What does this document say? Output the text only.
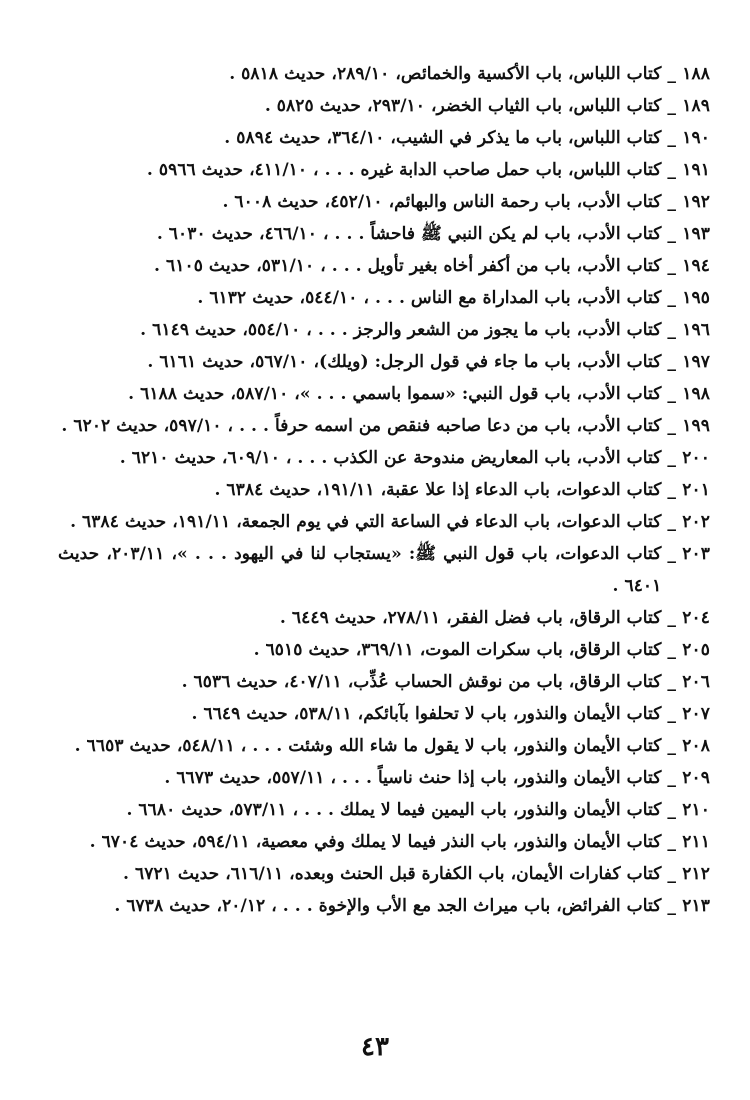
١٨٨
_
كتاب اللباس، باب الأكسية والخمائص، ٢٨٩/١٠، حديث ٥٨١٨ .
١٨٩
_
كتاب اللباس، باب الثياب الخضر، ٢٩٣/١٠، حديث ٥٨٢٥ .
١٩٠
_
كتاب اللباس، باب ما يذكر في الشيب، ٣٦٤/١٠، حديث ٥٨٩٤ .
١٩١
_
كتاب اللباس، باب حمل صاحب الدابة غيره . . . ، ٤١١/١٠، حديث ٥٩٦٦ .
١٩٢
_
كتاب الأدب، باب رحمة الناس والبهائم، ٤٥٢/١٠، حديث ٦٠٠٨ .
١٩٣
_
كتاب الأدب، باب لم يكن النبي ﷺ فاحشاً . . . ، ٤٦٦/١٠، حديث ٦٠٣٠ .
١٩٤
_
كتاب الأدب، باب من أكفر أخاه بغير تأويل . . . ، ٥٣١/١٠، حديث ٦١٠٥ .
١٩٥
_
كتاب الأدب، باب المداراة مع الناس . . . ، ٥٤٤/١٠، حديث ٦١٣٢ .
١٩٦
_
كتاب الأدب، باب ما يجوز من الشعر والرجز . . . ، ٥٥٤/١٠، حديث ٦١٤٩ .
١٩٧
_
كتاب الأدب، باب ما جاء في قول الرجل: (ويلك)، ٥٦٧/١٠، حديث ٦١٦١ .
١٩٨
_
كتاب الأدب، باب قول النبي: «سموا باسمي . . . »، ٥٨٧/١٠، حديث ٦١٨٨ .
١٩٩
_
كتاب الأدب، باب من دعا صاحبه فنقص من اسمه حرفاً . . . ، ٥٩٧/١٠، حديث ٦٢٠٢ .
٢٠٠
_
كتاب الأدب، باب المعاريض مندوحة عن الكذب . . . ، ٦٠٩/١٠، حديث ٦٢١٠ .
٢٠١
_
كتاب الدعوات، باب الدعاء إذا علا عقبة، ١٩١/١١، حديث ٦٣٨٤ .
٢٠٢
_
كتاب الدعوات، باب الدعاء في الساعة التي في يوم الجمعة، ١٩١/١١، حديث ٦٣٨٤ .
٢٠٣
_
كتاب الدعوات، باب قول النبي ﷺ: «يستجاب لنا في اليهود . . . »، ٢٠٣/١١، حديث ٦٤٠١ .
٢٠٤
_
كتاب الرقاق، باب فضل الفقر، ٢٧٨/١١، حديث ٦٤٤٩ .
٢٠٥
_
كتاب الرقاق، باب سكرات الموت، ٣٦٩/١١، حديث ٦٥١٥ .
٢٠٦
_
كتاب الرقاق، باب من نوقش الحساب عُذِّب، ٤٠٧/١١، حديث ٦٥٣٦ .
٢٠٧
_
كتاب الأيمان والنذور، باب لا تحلفوا بآبائكم، ٥٣٨/١١، حديث ٦٦٤٩ .
٢٠٨
_
كتاب الأيمان والنذور، باب لا يقول ما شاء الله وشئت . . . ، ٥٤٨/١١، حديث ٦٦٥٣ .
٢٠٩
_
كتاب الأيمان والنذور، باب إذا حنث ناسياً . . . ، ٥٥٧/١١، حديث ٦٦٧٣ .
٢١٠
_
كتاب الأيمان والنذور، باب اليمين فيما لا يملك . . . ، ٥٧٣/١١، حديث ٦٦٨٠ .
٢١١
_
كتاب الأيمان والنذور، باب النذر فيما لا يملك وفي معصية، ٥٩٤/١١، حديث ٦٧٠٤ .
٢١٢
_
كتاب كفارات الأيمان، باب الكفارة قبل الحنث وبعده، ٦١٦/١١، حديث ٦٧٢١ .
٢١٣
_
كتاب الفرائض، باب ميراث الجد مع الأب والإخوة . . . ، ٢٠/١٢، حديث ٦٧٣٨ .
٤٣
